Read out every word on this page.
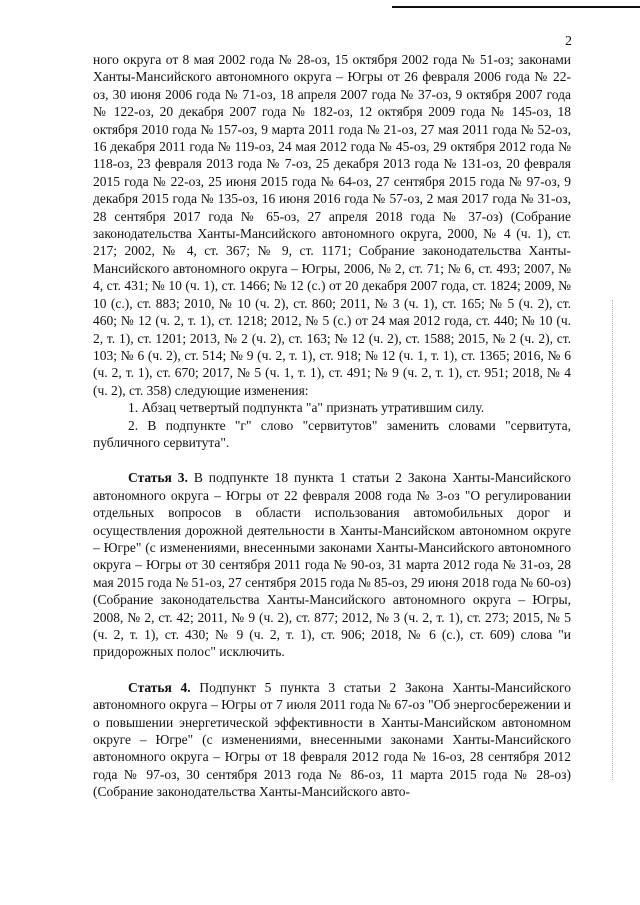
2

ного округа от 8 мая 2002 года № 28-оз, 15 октября 2002 года № 51-оз; законами Ханты-Мансийского автономного округа – Югры от 26 февраля 2006 года № 22-оз, 30 июня 2006 года № 71-оз, 18 апреля 2007 года № 37-оз, 9 октября 2007 года № 122-оз, 20 декабря 2007 года № 182-оз, 12 октября 2009 года № 145-оз, 18 октября 2010 года № 157-оз, 9 марта 2011 года № 21-оз, 27 мая 2011 года № 52-оз, 16 декабря 2011 года № 119-оз, 24 мая 2012 года № 45-оз, 29 октября 2012 года № 118-оз, 23 февраля 2013 года № 7-оз, 25 декабря 2013 года № 131-оз, 20 февраля 2015 года № 22-оз, 25 июня 2015 года № 64-оз, 27 сентября 2015 года № 97-оз, 9 декабря 2015 года № 135-оз, 16 июня 2016 года № 57-оз, 2 мая 2017 года № 31-оз, 28 сентября 2017 года № 65-оз, 27 апреля 2018 года № 37-оз) (Собрание законодательства Ханты-Мансийского автономного округа, 2000, № 4 (ч. 1), ст. 217; 2002, № 4, ст. 367; № 9, ст. 1171; Собрание законодательства Ханты-Мансийского автономного округа – Югры, 2006, № 2, ст. 71; № 6, ст. 493; 2007, № 4, ст. 431; № 10 (ч. 1), ст. 1466; № 12 (с.) от 20 декабря 2007 года, ст. 1824; 2009, № 10 (с.), ст. 883; 2010, № 10 (ч. 2), ст. 860; 2011, № 3 (ч. 1), ст. 165; № 5 (ч. 2), ст. 460; № 12 (ч. 2, т. 1), ст. 1218; 2012, № 5 (с.) от 24 мая 2012 года, ст. 440; № 10 (ч. 2, т. 1), ст. 1201; 2013, № 2 (ч. 2), ст. 163; № 12 (ч. 2), ст. 1588; 2015, № 2 (ч. 2), ст. 103; № 6 (ч. 2), ст. 514; № 9 (ч. 2, т. 1), ст. 918; № 12 (ч. 1, т. 1), ст. 1365; 2016, № 6 (ч. 2, т. 1), ст. 670; 2017, № 5 (ч. 1, т. 1), ст. 491; № 9 (ч. 2, т. 1), ст. 951; 2018, № 4 (ч. 2), ст. 358) следующие изменения:

1. Абзац четвертый подпункта "а" признать утратившим силу.

2. В подпункте "г" слово "сервитутов" заменить словами "сервитута, публичного сервитута".

Статья 3. В подпункте 18 пункта 1 статьи 2 Закона Ханты-Мансийского автономного округа – Югры от 22 февраля 2008 года № 3-оз "О регулировании отдельных вопросов в области использования автомобильных дорог и осуществления дорожной деятельности в Ханты-Мансийском автономном округе – Югре" (с изменениями, внесенными законами Ханты-Мансийского автономного округа – Югры от 30 сентября 2011 года № 90-оз, 31 марта 2012 года № 31-оз, 28 мая 2015 года № 51-оз, 27 сентября 2015 года № 85-оз, 29 июня 2018 года № 60-оз) (Собрание законодательства Ханты-Мансийского автономного округа – Югры, 2008, № 2, ст. 42; 2011, № 9 (ч. 2), ст. 877; 2012, № 3 (ч. 2, т. 1), ст. 273; 2015, № 5 (ч. 2, т. 1), ст. 430; № 9 (ч. 2, т. 1), ст. 906; 2018, № 6 (с.), ст. 609) слова "и придорожных полос" исключить.

Статья 4. Подпункт 5 пункта 3 статьи 2 Закона Ханты-Мансийского автономного округа – Югры от 7 июля 2011 года № 67-оз "Об энергосбережении и о повышении энергетической эффективности в Ханты-Мансийском автономном округе – Югре" (с изменениями, внесенными законами Ханты-Мансийского автономного округа – Югры от 18 февраля 2012 года № 16-оз, 28 сентября 2012 года № 97-оз, 30 сентября 2013 года № 86-оз, 11 марта 2015 года № 28-оз) (Собрание законодательства Ханты-Мансийского авто-
